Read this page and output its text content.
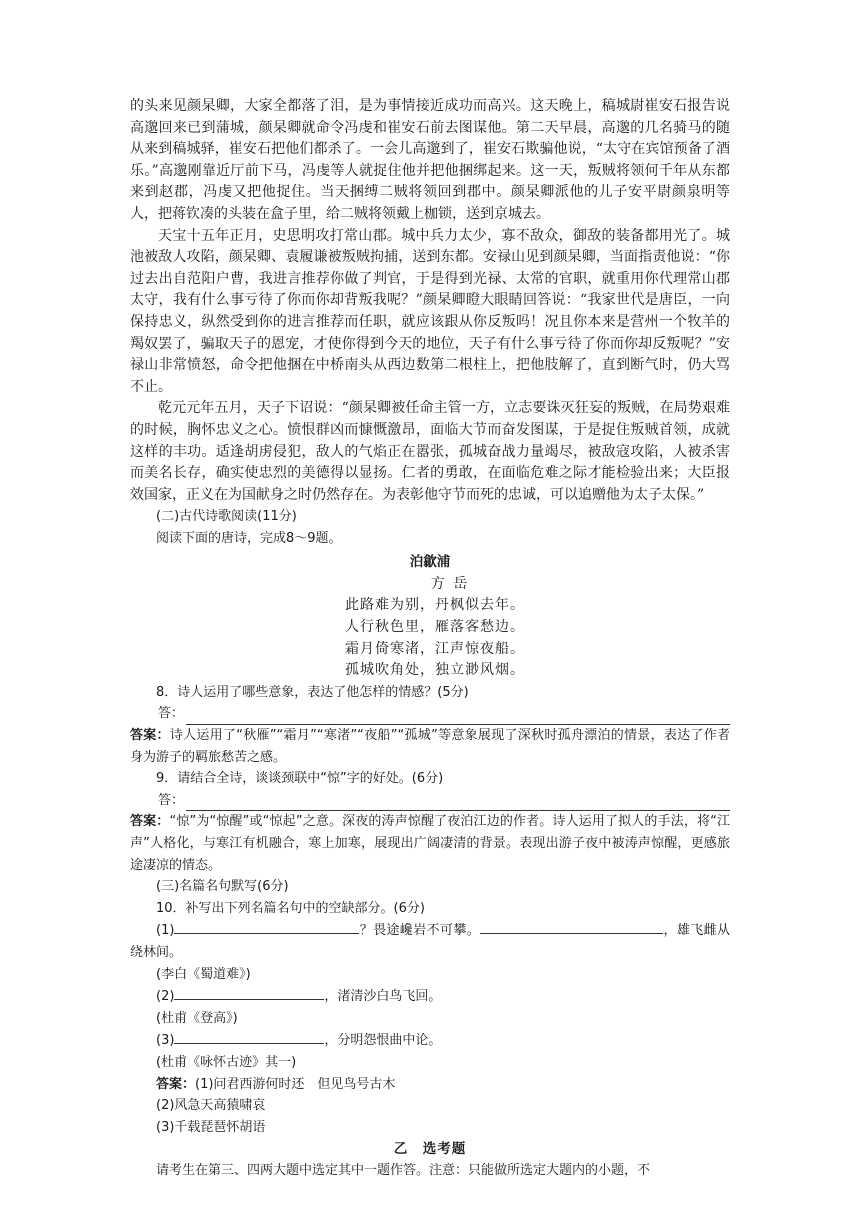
的头来见颜杲卿，大家全都落了泪，是为事情接近成功而高兴。这天晚上，稿城尉崔安石报告说高邈回来已到蒲城，颜杲卿就命令冯虔和崔安石前去图谋他。第二天早晨，高邈的几名骑马的随从来到稿城驿，崔安石把他们都杀了。一会儿高邈到了，崔安石欺骗他说，“太守在宾馆预备了酒乐。”高邈刚靠近厅前下马，冯虔等人就捉住他并把他捆绑起来。这一天，叛贼将领何千年从东都来到赵郡，冯虔又把他捉住。当天捆缚二贼将领回到郡中。颜杲卿派他的儿子安平尉颜泉明等人，把蒋钦凑的头装在盒子里，给二贼将领戴上枷锁，送到京城去。

天宝十五年正月，史思明攻打常山郡。城中兵力太少，寡不敌众，御敌的装备都用光了。城池被敌人攻陷，颜杲卿、袁履谦被叛贼拘捕，送到东都。安禄山见到颜杲卿，当面指责他说：“你过去出自范阳户曹，我进言推荐你做了判官，于是得到光禄、太常的官职，就重用你代理常山郡太守，我有什么事亏待了你而你却背叛我呢？”颜杲卿瞪大眼睛回答说：“我家世代是唐臣，一向保持忠义，纵然受到你的进言推荐而任职，就应该跟从你反叛吗！况且你本来是营州一个牧羊的羯奴罢了，骗取天子的恩宠，才使你得到今天的地位，天子有什么事亏待了你而你却反叛呢？”安禄山非常愤怒，命令把他捆在中桥南头从西边数第二根柱上，把他肢解了，直到断气时，仍大骂不止。

乾元元年五月，天子下诏说：“颜杲卿被任命主管一方，立志要诛灭狂妄的叛贼，在局势艰难的时候，胸怀忠义之心。愤恨群凶而慷慨激昂，面临大节而奋发图谋，于是捉住叛贼首领，成就这样的丰功。适逢胡虏侵犯，敌人的气焰正在嚣张，孤城奋战力量竭尽，被敌寇攻陷，人被杀害而美名长存，确实使忠烈的美德得以显扬。仁者的勇敢，在面临危难之际才能检验出来；大臣报效国家，正义在为国献身之时仍然存在。为表彰他守节而死的忠诚，可以追赠他为太子太保。”

(二)古代诗歌阅读(11分)

阅读下面的唐诗，完成8～9题。

泊歙浦
方 岳
此路难为别，丹枫似去年。
人行秋色里，雁落客愁边。
霜月倚寒渚，江声惊夜船。
孤城吹角处，独立渺风烟。

8．诗人运用了哪些意象，表达了他怎样的情感？(5分)

答：

答案：诗人运用了“秋雁”“霜月”“寒渚”“夜船”“孤城”等意象展现了深秋时孤舟漂泊的情景，表达了作者身为游子的羁旅愁苦之感。

9．请结合全诗，谈谈颈联中“惊”字的好处。(6分)

答：

答案：“惊”为“惊醒”或“惊起”之意。深夜的涛声惊醒了夜泊江边的作者。诗人运用了拟人的手法，将“江声”人格化，与寒江有机融合，寒上加寒，展现出广阔凄清的背景。表现出游子夜中被涛声惊醒，更感旅途凄凉的情态。

(三)名篇名句默写(6分)

10．补写出下列名篇名句中的空缺部分。(6分)

(1)	？畏途巉岩不可攀。	，雄飞雌从绕林间。

(李白《蜀道难》)

(2)	，渚清沙白鸟飞回。

(杜甫《登高》)

(3)	，分明怨恨曲中论。

(杜甫《咏怀古迹》其一)

答案：(1)问君西游何时还　但见鸟号古木

(2)风急天高猿啸哀

(3)千载琵琶怀胡语

乙　选考题

请考生在第三、四两大题中选定其中一题作答。注意：只能做所选定大题内的小题，不
